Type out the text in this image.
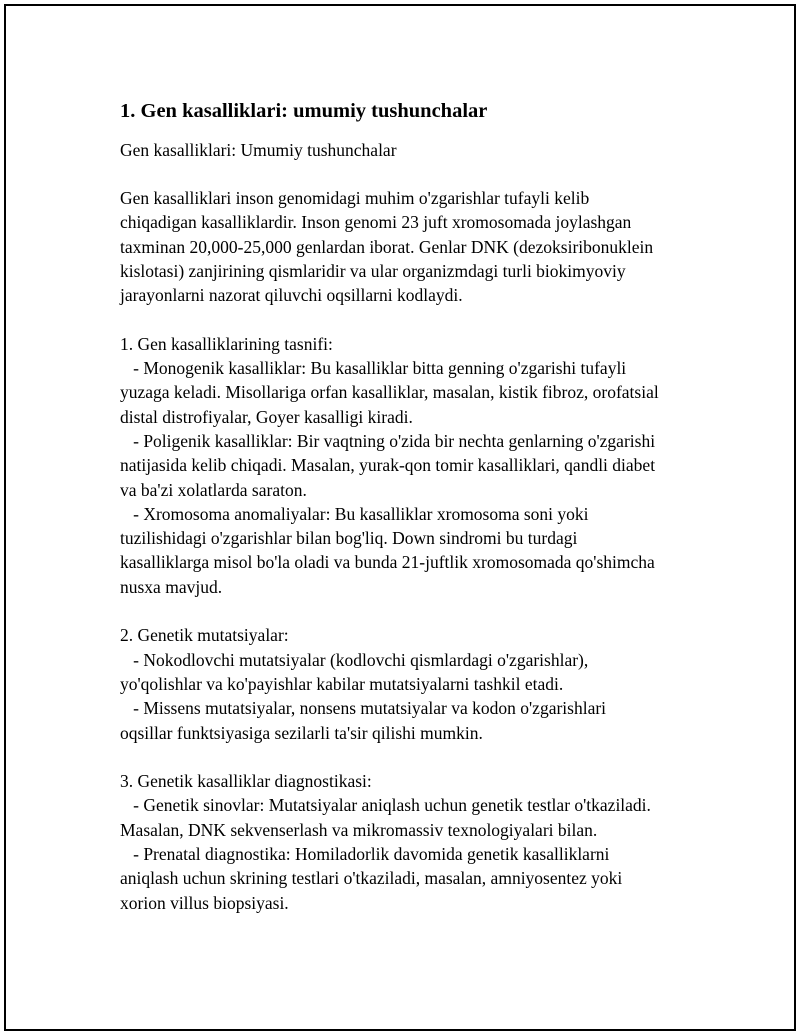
1. Gen kasalliklari: umumiy tushunchalar

Gen kasalliklari: Umumiy tushunchalar

Gen kasalliklari inson genomidagi muhim o'zgarishlar tufayli kelib
chiqadigan kasalliklardir. Inson genomi 23 juft xromosomada joylashgan
taxminan 20,000-25,000 genlardan iborat. Genlar DNK (dezoksiribonuklein
kislotasi) zanjirining qismlaridir va ular organizmdagi turli biokimyoviy
jarayonlarni nazorat qiluvchi oqsillarni kodlaydi.

1. Gen kasalliklarining tasnifi:
- Monogenik kasalliklar: Bu kasalliklar bitta genning o'zgarishi tufayli
yuzaga keladi. Misollariga orfan kasalliklar, masalan, kistik fibroz, orofatsial
distal distrofiyalar, Goyer kasalligi kiradi.
- Poligenik kasalliklar: Bir vaqtning o'zida bir nechta genlarning o'zgarishi
natijasida kelib chiqadi. Masalan, yurak-qon tomir kasalliklari, qandli diabet
va ba'zi xolatlarda saraton.
- Xromosoma anomaliyalar: Bu kasalliklar xromosoma soni yoki
tuzilishidagi o'zgarishlar bilan bog'liq. Down sindromi bu turdagi
kasalliklarga misol bo'la oladi va bunda 21-juftlik xromosomada qo'shimcha
nusxa mavjud.

2. Genetik mutatsiyalar:
- Nokodlovchi mutatsiyalar (kodlovchi qismlardagi o'zgarishlar),
yo'qolishlar va ko'payishlar kabilar mutatsiyalarni tashkil etadi.
- Missens mutatsiyalar, nonsens mutatsiyalar va kodon o'zgarishlari
oqsillar funktsiyasiga sezilarli ta'sir qilishi mumkin.

3. Genetik kasalliklar diagnostikasi:
- Genetik sinovlar: Mutatsiyalar aniqlash uchun genetik testlar o'tkaziladi.
Masalan, DNK sekvenserlash va mikromassiv texnologiyalari bilan.
- Prenatal diagnostika: Homiladorlik davomida genetik kasalliklarni
aniqlash uchun skrining testlari o'tkaziladi, masalan, amniyosentez yoki
xorion villus biopsiyasi.
